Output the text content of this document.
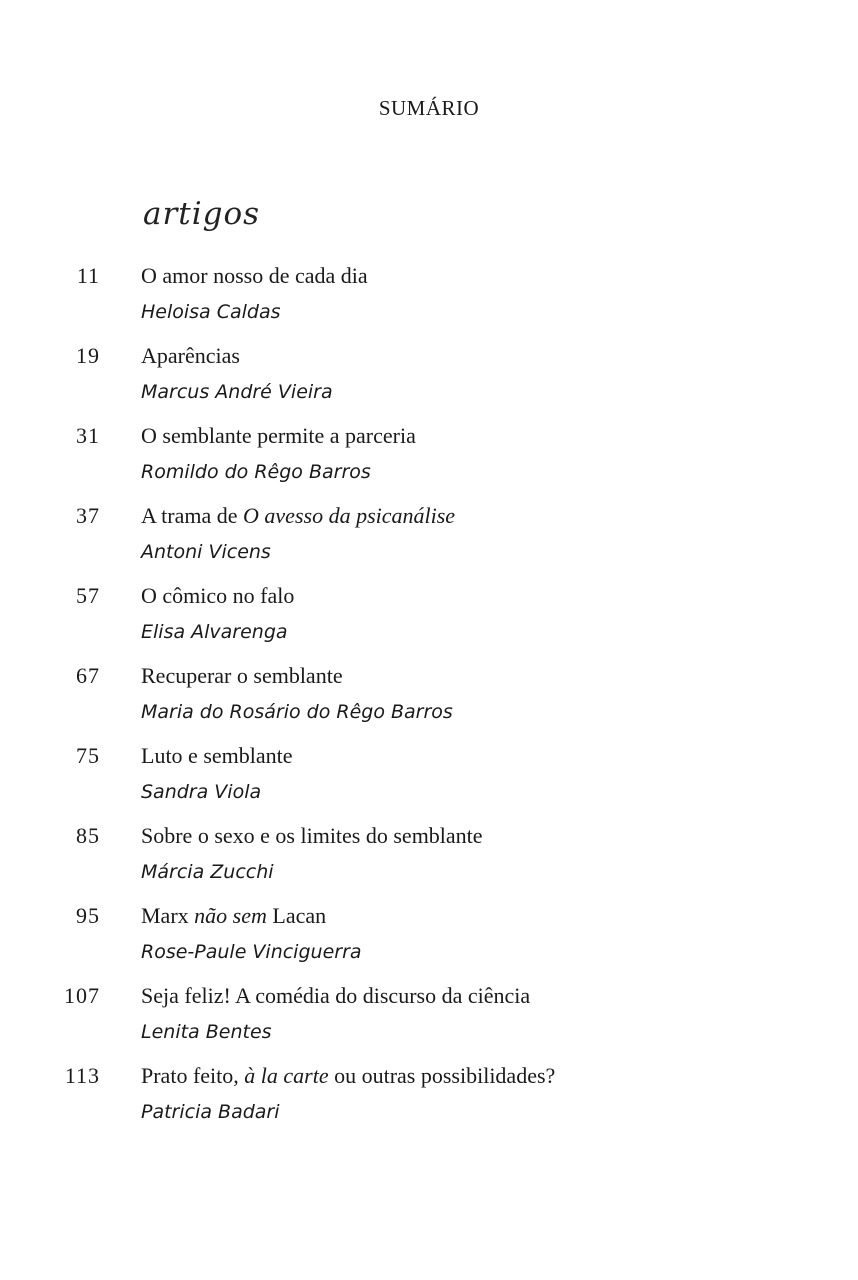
SUMÁRIO
artigos
11 O amor nosso de cada dia
Heloisa Caldas
19 Aparências
Marcus André Vieira
31 O semblante permite a parceria
Romildo do Rêgo Barros
37 A trama de O avesso da psicanálise
Antoni Vicens
57 O cômico no falo
Elisa Alvarenga
67 Recuperar o semblante
Maria do Rosário do Rêgo Barros
75 Luto e semblante
Sandra Viola
85 Sobre o sexo e os limites do semblante
Márcia Zucchi
95 Marx não sem Lacan
Rose-Paule Vinciguerra
107 Seja feliz! A comédia do discurso da ciência
Lenita Bentes
113 Prato feito, à la carte ou outras possibilidades?
Patricia Badari
